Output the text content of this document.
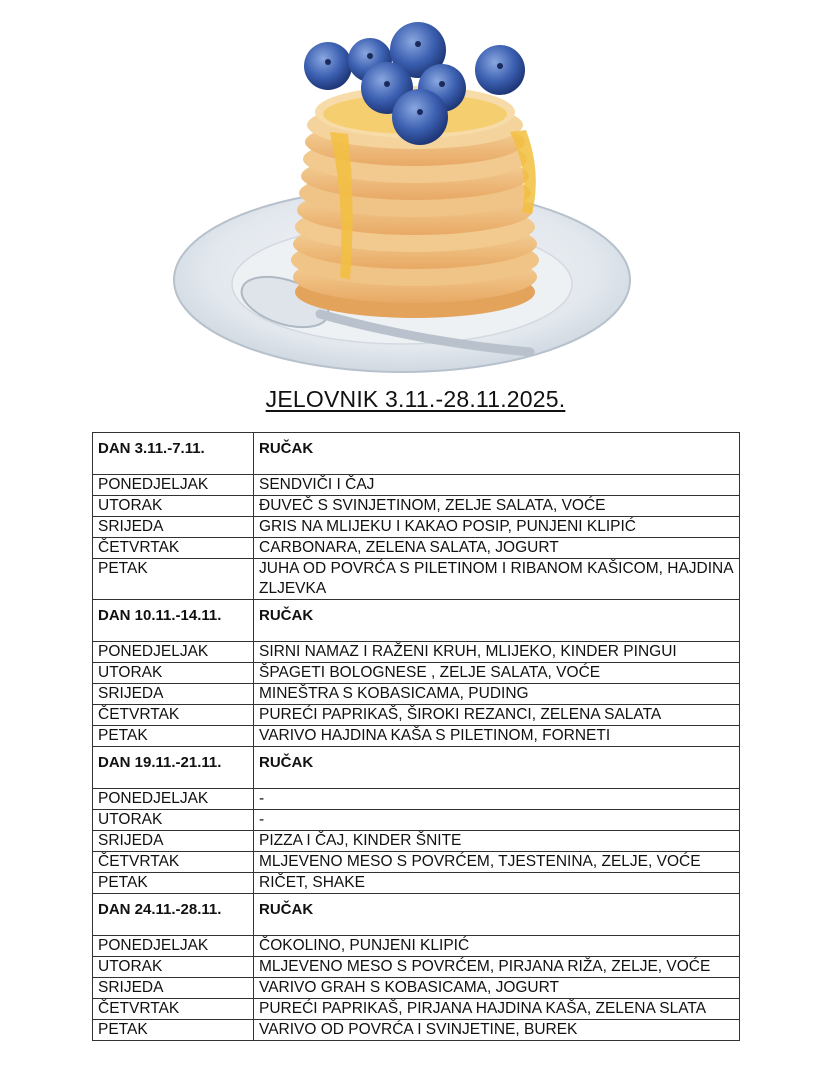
JELOVNIK 3.11.-28.11.2025.
DAN 3.11.-7.11.	RUČAK
PONEDJELJAK	SENDVIČI I ČAJ
UTORAK	ĐUVEČ S SVINJETINOM, ZELJE SALATA, VOĆE
SRIJEDA	GRIS NA MLIJEKU I KAKAO POSIP, PUNJENI KLIPIĆ
ČETVRTAK	CARBONARA, ZELENA SALATA, JOGURT
PETAK	JUHA OD POVRĆA S PILETINOM I RIBANOM KAŠICOM, HAJDINA ZLJEVKA
DAN 10.11.-14.11.	RUČAK
PONEDJELJAK	SIRNI NAMAZ I RAŽENI KRUH, MLIJEKO, KINDER PINGUI
UTORAK	ŠPAGETI BOLOGNESE , ZELJE SALATA, VOĆE
SRIJEDA	MINEŠTRA S KOBASICAMA, PUDING
ČETVRTAK	PUREĆI PAPRIKAŠ, ŠIROKI REZANCI, ZELENA SALATA
PETAK	VARIVO HAJDINA KAŠA S PILETINOM, FORNETI
DAN 19.11.-21.11.	RUČAK
PONEDJELJAK	-
UTORAK	-
SRIJEDA	PIZZA I ČAJ, KINDER ŠNITE
ČETVRTAK	MLJEVENO MESO S POVRĆEM, TJESTENINA, ZELJE, VOĆE
PETAK	RIČET, SHAKE
DAN 24.11.-28.11.	RUČAK
PONEDJELJAK	ČOKOLINO, PUNJENI KLIPIĆ
UTORAK	MLJEVENO MESO S POVRĆEM, PIRJANA RIŽA, ZELJE, VOĆE
SRIJEDA	VARIVO GRAH S KOBASICAMA, JOGURT
ČETVRTAK	PUREĆI PAPRIKAŠ, PIRJANA HAJDINA KAŠA, ZELENA SLATA
PETAK	VARIVO OD POVRĆA I SVINJETINE, BUREK
